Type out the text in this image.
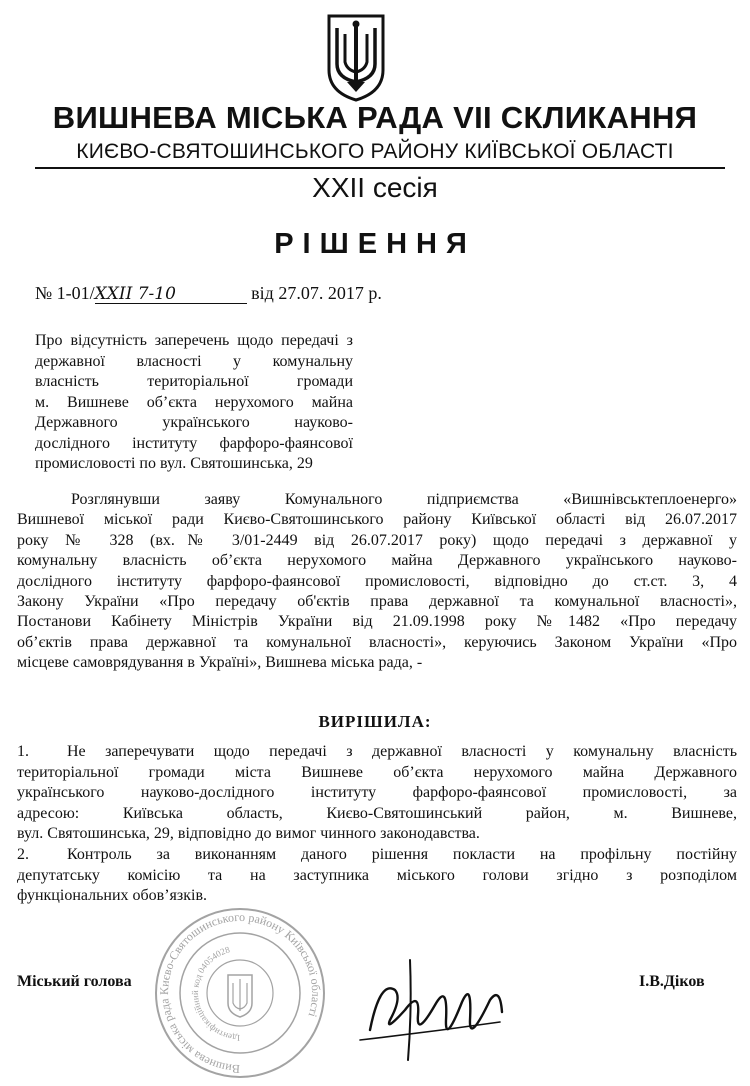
ВИШНЕВА МІСЬКА РАДА VII СКЛИКАННЯ
КИЄВО-СВЯТОШИНСЬКОГО РАЙОНУ КИЇВСЬКОЇ ОБЛАСТІ
ХХІІ сесія
РІШЕННЯ
№ 1-01/XXII 7-10	від 27.07. 2017 р.
Про відсутність заперечень щодо передачі з
державної власності у комунальну
власність територіальної громади
м. Вишневе об’єкта нерухомого майна
Державного українського науково-
дослідного інституту фарфоро-фаянсової
промисловості по вул. Святошинська, 29
Розглянувши заяву Комунального підприємства «Вишнівськтеплоенерго»
Вишневої міської ради Києво-Святошинського району Київської області від 26.07.2017
року № 328 (вх.№ 3/01-2449 від 26.07.2017 року) щодо передачі з державної у
комунальну власність об’єкта нерухомого майна Державного українського науково-
дослідного інституту фарфоро-фаянсової промисловості, відповідно до ст.ст. 3, 4
Закону України «Про передачу об'єктів права державної та комунальної власності»,
Постанови Кабінету Міністрів України від 21.09.1998 року №1482 «Про передачу
об’єктів права державної та комунальної власності», керуючись Законом України «Про
місцеве самоврядування в Україні», Вишнева міська рада, -
ВИРІШИЛА:
1. Не заперечувати щодо передачі з державної власності у комунальну власність
територіальної громади міста Вишневе об’єкта нерухомого майна Державного
українського науково-дослідного інституту фарфоро-фаянсової промисловості, за
адресою: Київська область, Києво-Святошинський район, м. Вишневе,
вул. Святошинська, 29, відповідно до вимог чинного законодавства.
2. Контроль за виконанням даного рішення покласти на профільну постійну
депутатську комісію та на заступника міського голови згідно з розподілом
функціональних обов’язків.
Вишнева міська рада Києво-Святошинського району Київської області
Ідентифікаційний код 04054028
Міський голова	І.В.Діков
